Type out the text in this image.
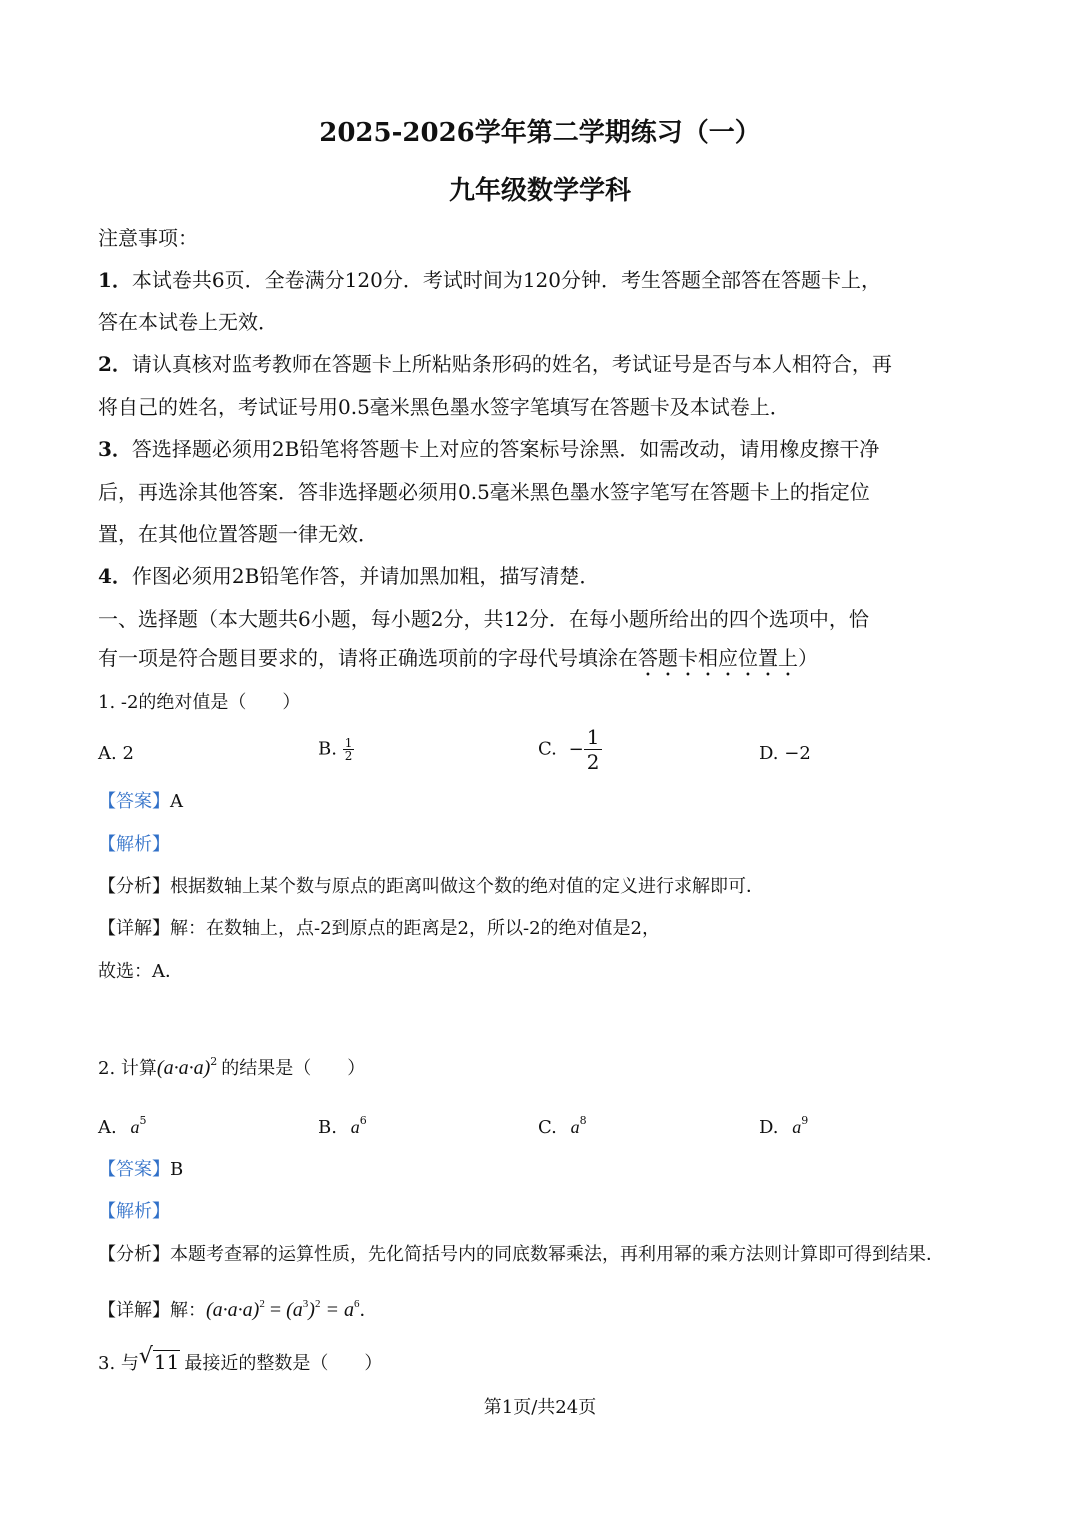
2025-2026学年第二学期练习（一）
九年级数学学科
注意事项：
1．本试卷共6页．全卷满分120分．考试时间为120分钟．考生答题全部答在答题卡上，
答在本试卷上无效．
2．请认真核对监考教师在答题卡上所粘贴条形码的姓名，考试证号是否与本人相符合，再
将自己的姓名，考试证号用0.5毫米黑色墨水签字笔填写在答题卡及本试卷上．
3．答选择题必须用2B铅笔将答题卡上对应的答案标号涂黑．如需改动，请用橡皮擦干净
后，再选涂其他答案．答非选择题必须用0.5毫米黑色墨水签字笔写在答题卡上的指定位
置，在其他位置答题一律无效．
4．作图必须用2B铅笔作答，并请加黑加粗，描写清楚．
一、选择题（本大题共6小题，每小题2分，共12分．在每小题所给出的四个选项中，恰
有一项是符合题目要求的，请将正确选项前的字母代号填涂在答题卡相应位置上）
1. -2的绝对值是（　　）
A. 2	B. $\frac{1}{2}$	C. − $\frac{1}{2}$	D. −2
【答案】A
【解析】
【分析】根据数轴上某个数与原点的距离叫做这个数的绝对值的定义进行求解即可．
【详解】解：在数轴上，点-2到原点的距离是2，所以-2的绝对值是2，
故选：A．
2. 计算$(a\cdot a\cdot a)^2$ 的结果是（　　）
A. $a^5$	B. $a^6$	C. $a^8$	D. $a^9$
【答案】B
【解析】
【分析】本题考查幂的运算性质，先化简括号内的同底数幂乘法，再利用幂的乘方法则计算即可得到结果．
【详解】解：$(a\cdot a\cdot a)^2 = (a^3)^2 = a^6$．
3. 与√ 11 最接近的整数是（　　）
第1页/共24页
